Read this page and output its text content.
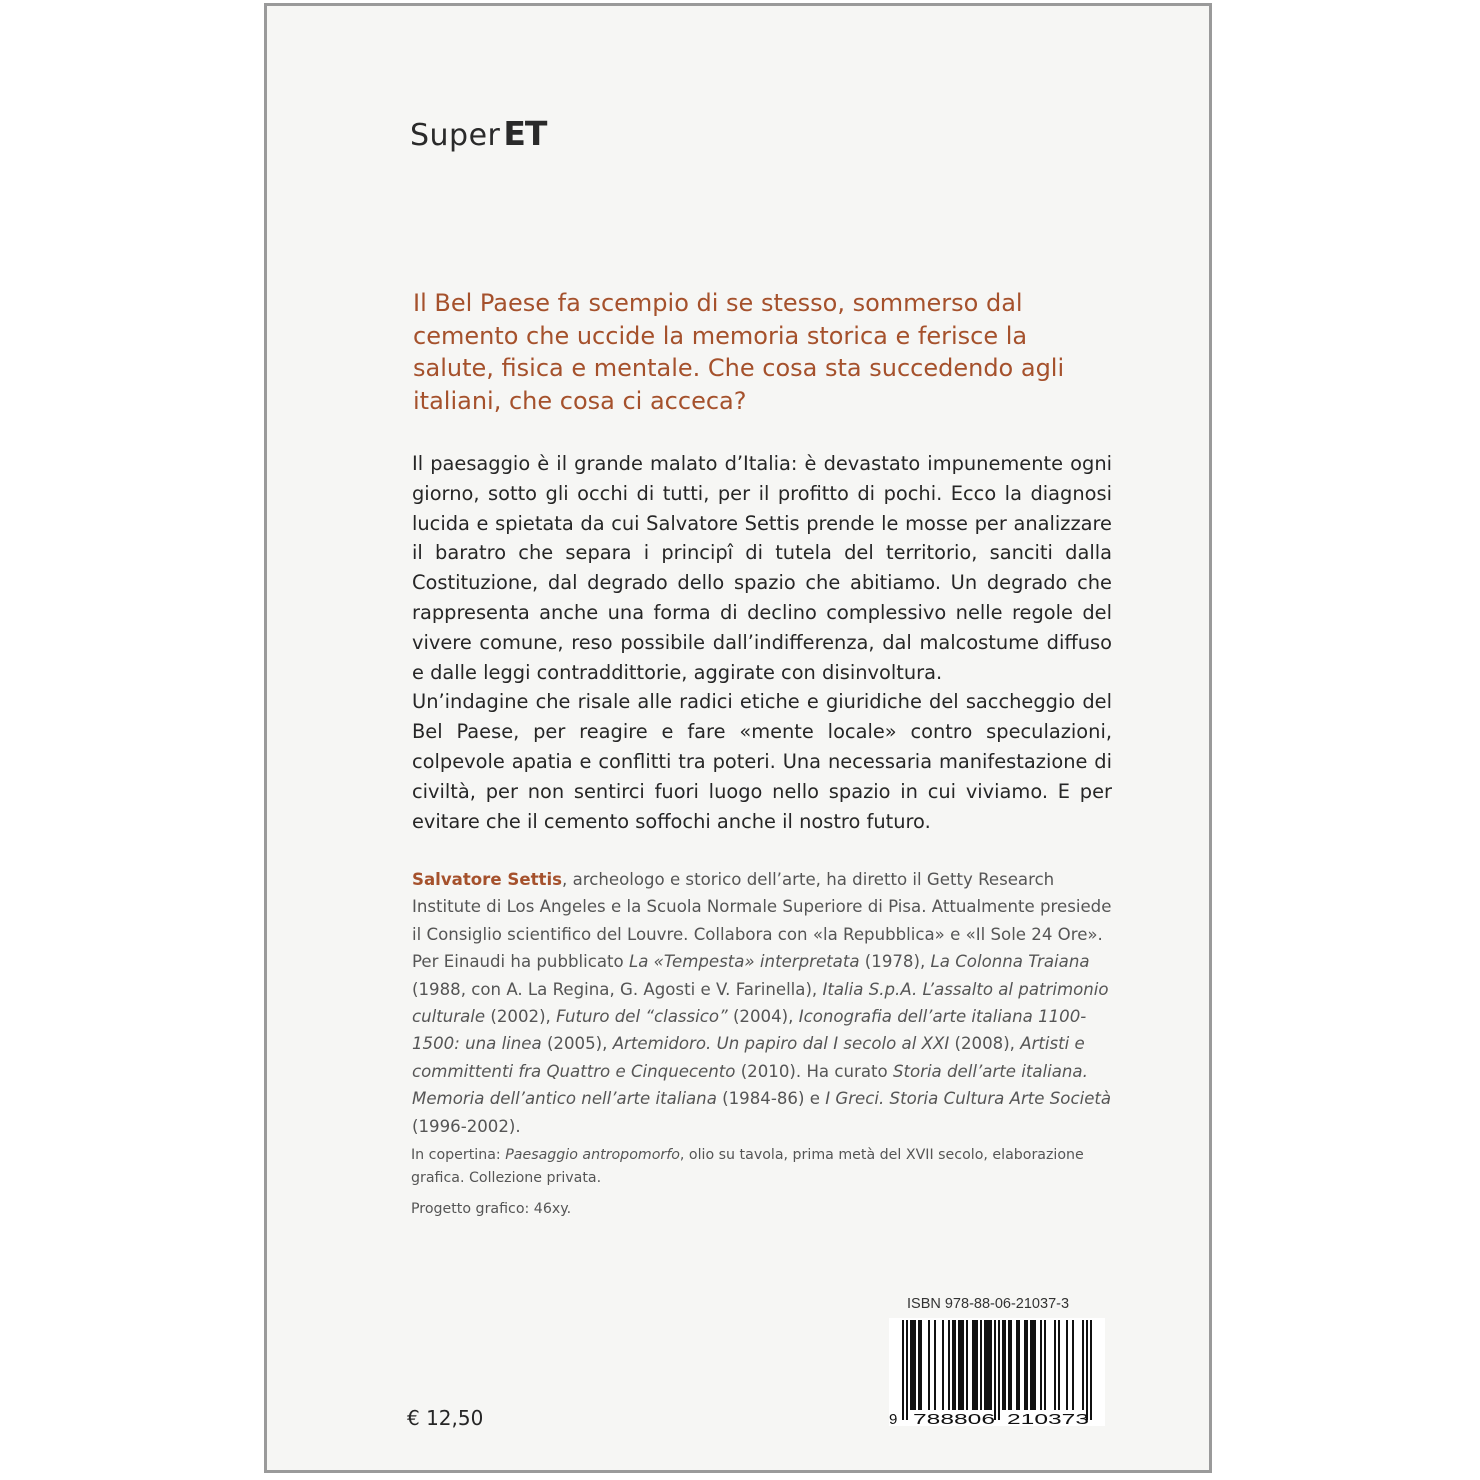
SuperET
Il Bel Paese fa scempio di se stesso, sommerso dal cemento che uccide la memoria storica e ferisce la salute, fisica e mentale. Che cosa sta succedendo agli italiani, che cosa ci acceca?

Il paesaggio è il grande malato d’Italia: è devastato impunemente ogni giorno, sotto gli occhi di tutti, per il profitto di pochi. Ecco la diagnosi lucida e spietata da cui Salvatore Settis prende le mosse per analizzare il baratro che separa i principî di tutela del territorio, sanciti dalla Costituzione, dal degrado dello spazio che abitiamo. Un degrado che rappresenta anche una forma di declino complessivo nelle regole del vivere comune, reso possibile dall’indifferenza, dal malcostume diffuso e dalle leggi contraddittorie, aggirate con disinvoltura.

Un’indagine che risale alle radici etiche e giuridiche del saccheggio del Bel Paese, per reagire e fare «mente locale» contro speculazioni, colpevole apatia e conflitti tra poteri. Una necessaria manifestazione di civiltà, per non sentirci fuori luogo nello spazio in cui viviamo. E per evitare che il cemento soffochi anche il nostro futuro.

Salvatore Settis, archeologo e storico dell’arte, ha diretto il Getty Research Institute di Los Angeles e la Scuola Normale Superiore di Pisa. Attualmente presiede il Consiglio scientifico del Louvre. Collabora con «la Repubblica» e «Il Sole 24 Ore». Per Einaudi ha pubblicato La «Tempesta» interpretata (1978), La Colonna Traiana (1988, con A. La Regina, G. Agosti e V. Farinella), Italia S.p.A. L’assalto al patrimonio culturale (2002), Futuro del “classico” (2004), Iconografia dell’arte italiana 1100-1500: una linea (2005), Artemidoro. Un papiro dal I secolo al XXI (2008), Artisti e committenti fra Quattro e Cinquecento (2010). Ha curato Storia dell’arte italiana. Memoria dell’antico nell’arte italiana (1984-86) e I Greci. Storia Cultura Arte Società (1996-2002).

In copertina: Paesaggio antropomorfo, olio su tavola, prima metà del XVII secolo, elaborazione grafica. Collezione privata.

Progetto grafico: 46xy.

€ 12,50
ISBN 978-88-06-21037-3
9 788806 210373
